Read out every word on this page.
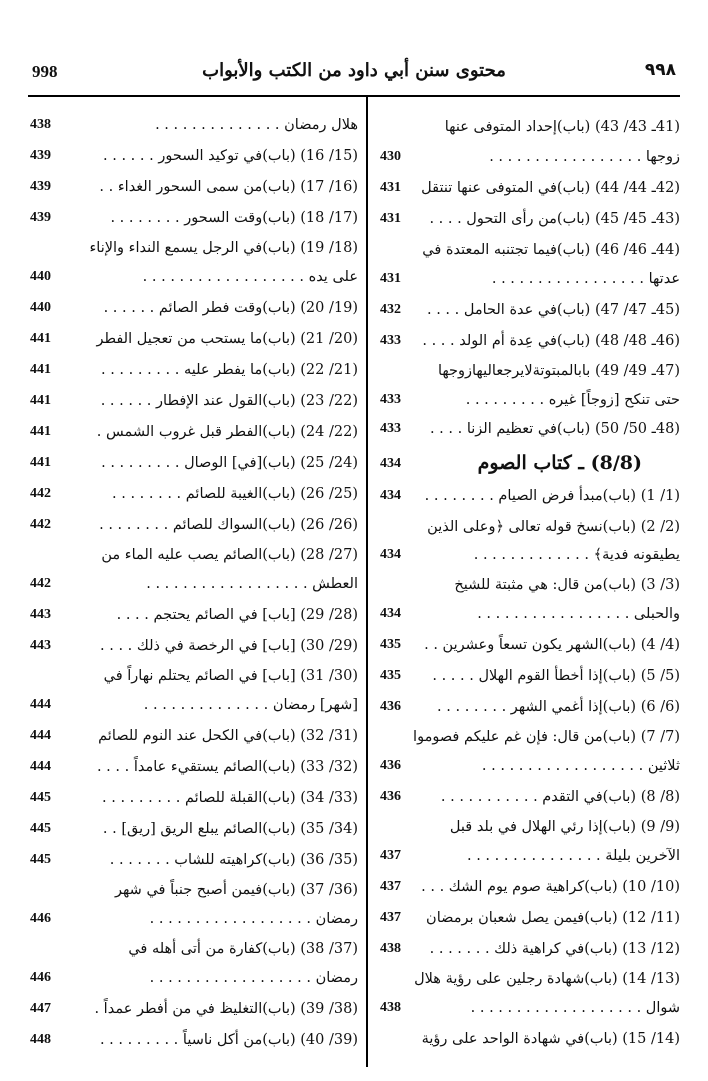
998	محتوى سنن أبي داود من الكتب والأبواب	٩٩٨
(41ـ 43/ 43) (باب)إحداد المتوفى عنها
زوجها . . . . . . . . . . . . . . . . .
430
(42ـ 44/ 44) (باب)في المتوفى عنها تنتقل
431
(43ـ 45/ 45) (باب)من رأى التحول . . . .
431
(44ـ 46/ 46) (باب)فيما تجتنبه المعتدة في
عدتها . . . . . . . . . . . . . . . . .
431
(45ـ 47/ 47) (باب)في عدة الحامل . . . .
432
(46ـ 48/ 48) (باب)في عِدة أم الولد . . . .
433
(47ـ 49/ 49) بابالمبتوتةلايرجعاليهازوجها
حتى تنكح [زوجاً] غيره . . . . . . . . .
433
(48ـ 50/ 50) (باب)في تعظيم الزنا . . . .
433
(8/8) ـ كتاب الصوم
434
(1/ 1) (باب)مبدأ فرض الصيام . . . . . . . .
434
(2/ 2) (باب)نسخ قوله تعالى ﴿وعلى الذين
يطيقونه فدية﴾ . . . . . . . . . . . . .
434
(3/ 3) (باب)من قال: هي مثبتة للشيخ
والحبلى . . . . . . . . . . . . . . . . .
434
(4/ 4) (باب)الشهر يكون تسعاً وعشرين . .
435
(5/ 5) (باب)إذا أخطأ القوم الهلال . . . . .
435
(6/ 6) (باب)إذا أغمي الشهر . . . . . . . .
436
(7/ 7) (باب)من قال: فإن غم عليكم فصوموا
ثلاثين . . . . . . . . . . . . . . . . . .
436
(8/ 8) (باب)في التقدم . . . . . . . . . . .
436
(9/ 9) (باب)إذا رئي الهلال في بلد قبل
الآخرين بليلة . . . . . . . . . . . . . . .
437
(10/ 10) (باب)كراهية صوم يوم الشك . . .
437
(11/ 12) (باب)فيمن يصل شعبان برمضان
437
(12/ 13) (باب)في كراهية ذلك . . . . . . .
438
(13/ 14) (باب)شهادة رجلين على رؤية هلال
شوال . . . . . . . . . . . . . . . . . . .
438
(14/ 15) (باب)في شهادة الواحد على رؤية
هلال رمضان . . . . . . . . . . . . . .
438
(15/ 16) (باب)في توكيد السحور . . . . . .
439
(16/ 17) (باب)من سمى السحور الغداء . .
439
(17/ 18) (باب)وقت السحور . . . . . . . .
439
(18/ 19) (باب)في الرجل يسمع النداء والإناء
على يده . . . . . . . . . . . . . . . . . .
440
(19/ 20) (باب)وقت فطر الصائم . . . . . .
440
(20/ 21) (باب)ما يستحب من تعجيل الفطر
441
(21/ 22) (باب)ما يفطر عليه . . . . . . . . .
441
(22/ 23) (باب)القول عند الإفطار . . . . . .
441
(22/ 24) (باب)الفطر قبل غروب الشمس .
441
(24/ 25) (باب)[في] الوصال . . . . . . . . .
441
(25/ 26) (باب)الغيبة للصائم . . . . . . . .
442
(26/ 26) (باب)السواك للصائم . . . . . . . .
442
(27/ 28) (باب)الصائم يصب عليه الماء من
العطش . . . . . . . . . . . . . . . . . .
442
(28/ 29) [باب] في الصائم يحتجم . . . .
443
(29/ 30) [باب] في الرخصة في ذلك . . . .
443
(30/ 31) [باب] في الصائم يحتلم نهاراً في
[شهر] رمضان . . . . . . . . . . . . . .
444
(31/ 32) (باب)في الكحل عند النوم للصائم
444
(32/ 33) (باب)الصائم يستقيء عامداً . . . .
444
(33/ 34) (باب)القبلة للصائم . . . . . . . . .
445
(34/ 35) (باب)الصائم يبلع الريق [ريق] . .
445
(35/ 36) (باب)كراهيته للشاب . . . . . . .
445
(36/ 37) (باب)فيمن أصبح جنباً في شهر
رمضان . . . . . . . . . . . . . . . . . .
446
(37/ 38) (باب)كفارة من أتى أهله في
رمضان . . . . . . . . . . . . . . . . . .
446
(38/ 39) (باب)التغليظ في من أفطر عمداً .
447
(39/ 40) (باب)من أكل ناسياً . . . . . . . . .
448
